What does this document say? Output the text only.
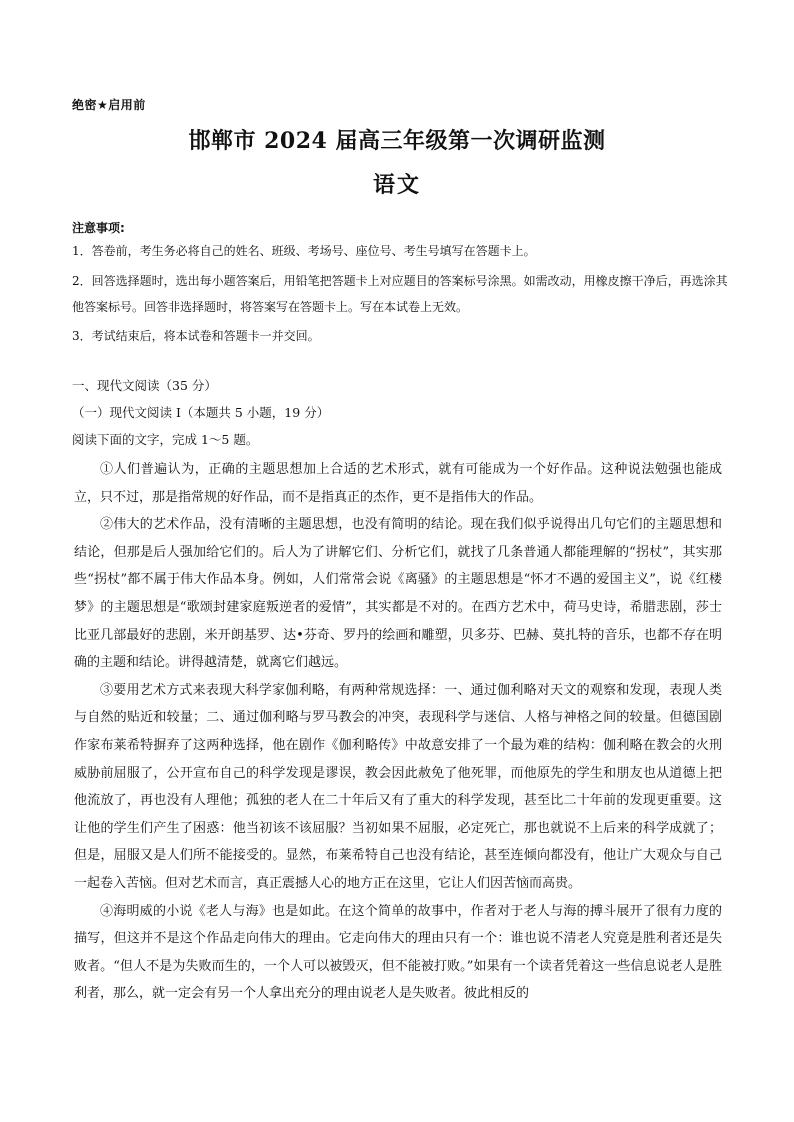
绝密★启用前
邯郸市 2024 届高三年级第一次调研监测
语文
注意事项:
1．答卷前，考生务必将自己的姓名、班级、考场号、座位号、考生号填写在答题卡上。
2．回答选择题时，选出每小题答案后，用铅笔把答题卡上对应题目的答案标号涂黑。如需改动，用橡皮擦干净后，再选涂其他答案标号。回答非选择题时，将答案写在答题卡上。写在本试卷上无效。
3．考试结束后，将本试卷和答题卡一并交回。
一、现代文阅读（35 分）
（一）现代文阅读 I（本题共 5 小题，19 分）
阅读下面的文字，完成 1～5 题。

①人们普遍认为，正确的主题思想加上合适的艺术形式，就有可能成为一个好作品。这种说法勉强也能成立，只不过，那是指常规的好作品，而不是指真正的杰作，更不是指伟大的作品。

②伟大的艺术作品，没有清晰的主题思想，也没有简明的结论。现在我们似乎说得出几句它们的主题思想和结论，但那是后人强加给它们的。后人为了讲解它们、分析它们，就找了几条普通人都能理解的“拐杖”，其实那些“拐杖”都不属于伟大作品本身。例如，人们常常会说《离骚》的主题思想是“怀才不遇的爱国主义”，说《红楼梦》的主题思想是“歌颂封建家庭叛逆者的爱情”，其实都是不对的。在西方艺术中，荷马史诗，希腊悲剧，莎士比亚几部最好的悲剧，米开朗基罗、达•芬奇、罗丹的绘画和雕塑，贝多芬、巴赫、莫扎特的音乐，也都不存在明确的主题和结论。讲得越清楚，就离它们越远。

③要用艺术方式来表现大科学家伽利略，有两种常规选择：一、通过伽利略对天文的观察和发现，表现人类与自然的贴近和较量；二、通过伽利略与罗马教会的冲突，表现科学与迷信、人格与神格之间的较量。但德国剧作家布莱希特摒弃了这两种选择，他在剧作《伽利略传》中故意安排了一个最为难的结构：伽利略在教会的火刑威胁前屈服了，公开宣布自己的科学发现是谬误，教会因此赦免了他死罪，而他原先的学生和朋友也从道德上把他流放了，再也没有人理他；孤独的老人在二十年后又有了重大的科学发现，甚至比二十年前的发现更重要。这让他的学生们产生了困惑：他当初该不该屈服？当初如果不屈服，必定死亡，那也就说不上后来的科学成就了；但是，屈服又是人们所不能接受的。显然，布莱希特自己也没有结论，甚至连倾向都没有，他让广大观众与自己一起卷入苦恼。但对艺术而言，真正震撼人心的地方正在这里，它让人们因苦恼而高贵。

④海明威的小说《老人与海》也是如此。在这个简单的故事中，作者对于老人与海的搏斗展开了很有力度的描写，但这并不是这个作品走向伟大的理由。它走向伟大的理由只有一个：谁也说不清老人究竟是胜利者还是失败者。“但人不是为失败而生的，一个人可以被毁灭，但不能被打败。”如果有一个读者凭着这一些信息说老人是胜利者，那么，就一定会有另一个人拿出充分的理由说老人是失败者。彼此相反的
